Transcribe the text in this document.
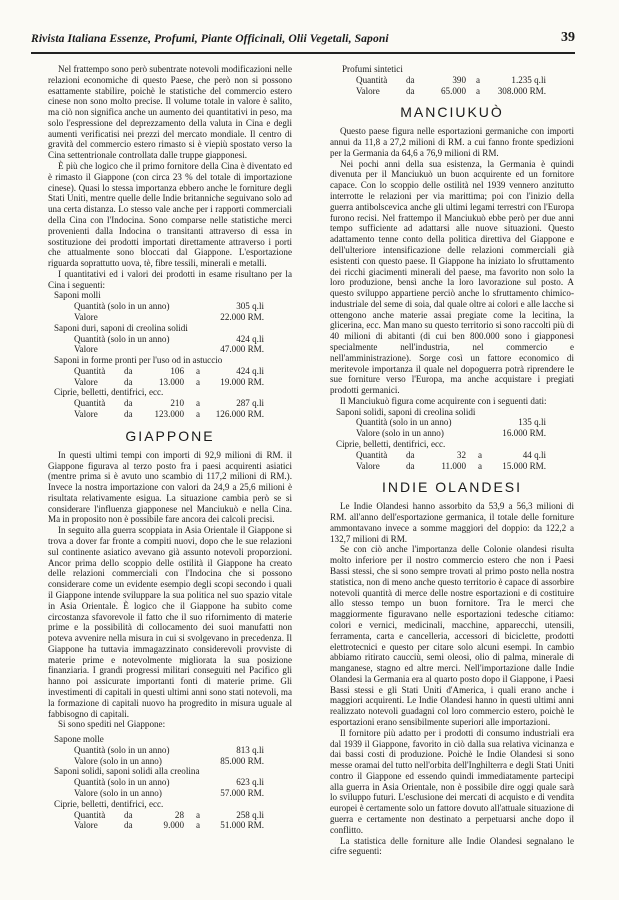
Rivista Italiana Essenze, Profumi, Piante Officinali, Olii Vegetali, Saponi	39

Nel frattempo sono però subentrate notevoli modificazioni nelle relazioni economiche di questo Paese, che però non si possono esattamente stabilire, poichè le statistiche del commercio estero cinese non sono molto precise. Il volume totale in valore è salito, ma ciò non significa anche un aumento dei quantitativi in peso, ma solo l'espressione del deprezzamento della valuta in Cina e degli aumenti verificatisi nei prezzi del mercato mondiale. Il centro di gravità del commercio estero rimasto si è viepiù spostato verso la Cina settentrionale controllata dalle truppe giapponesi.

È più che logico che il primo fornitore della Cina è diventato ed è rimasto il Giappone (con circa 23 % del totale di importazione cinese). Quasi lo stessa importanza ebbero anche le forniture degli Stati Uniti, mentre quelle delle Indie britanniche seguivano solo ad una certa distanza. Lo stesso vale anche per i rapporti commerciali della Cina con l'Indocina. Sono comparse nelle statistiche merci provenienti dalla Indocina o transitanti attraverso di essa in sostituzione dei prodotti importati direttamente attraverso i porti che attualmente sono bloccati dal Giappone. L'esportazione riguarda soprattutto uova, tè, fibre tessili, minerali e metalli.

I quantitativi ed i valori dei prodotti in esame risultano per la Cina i seguenti:

Saponi molli
Quantità (solo in un anno)	305 q.li
Valore	22.000 RM.
Saponi duri, saponi di creolina solidi
Quantità (solo in un anno)	424 q.li
Valore	47.000 RM.
Saponi in forme pronti per l'uso od in astuccio
Quantità	da	106	a	424 q.li
Valore	da	13.000	a	19.000 RM.
Ciprie, belletti, dentifrici, ecc.
Quantità	da	210	a	287 q.li
Valore	da	123.000	a	126.000 RM.
GIAPPONE

In questi ultimi tempi con importi di 92,9 milioni di RM. il Giappone figurava al terzo posto fra i paesi acquirenti asiatici (mentre prima si è avuto uno scambio di 117,2 milioni di RM.). Invece la nostra importazione con valori da 24,9 a 25,6 milioni è risultata relativamente esigua. La situazione cambia però se si considerare l'influenza giapponese nel Manciukuò e nella Cina. Ma in proposito non è possibile fare ancora dei calcoli precisi.

In seguito alla guerra scoppiata in Asia Orientale il Giappone si trova a dover far fronte a compiti nuovi, dopo che le sue relazioni sul continente asiatico avevano già assunto notevoli proporzioni. Ancor prima dello scoppio delle ostilità il Giappone ha creato delle relazioni commerciali con l'Indocina che si possono considerare come un evidente esempio degli scopi secondo i quali il Giappone intende sviluppare la sua politica nel suo spazio vitale in Asia Orientale. È logico che il Giappone ha subìto come circostanza sfavorevole il fatto che il suo rifornimento di materie prime e la possibilità di collocamento dei suoi manufatti non poteva avvenire nella misura in cui si svolgevano in precedenza. Il Giappone ha tuttavia immagazzinato considerevoli provviste di materie prime e notevolmente migliorata la sua posizione finanziaria. I grandi progressi militari conseguiti nel Pacifico gli hanno poi assicurate importanti fonti di materie prime. Gli investimenti di capitali in questi ultimi anni sono stati notevoli, ma la formazione di capitali nuovo ha progredito in misura uguale al fabbisogno di capitali.

Si sono spediti nel Giappone:

Sapone molle
Quantità (solo in un anno)	813 q.li
Valore (solo in un anno)	85.000 RM.
Saponi solidi, saponi solidi alla creolina
Quantità (solo in un anno)	623 q.li
Valore (solo in un anno)	57.000 RM.
Ciprie, belletti, dentifrici, ecc.
Quantità	da	28	a	258 q.li
Valore	da	9.000	a	51.000 RM.
Profumi sintetici
Quantità	da	390	a	1.235 q.li
Valore	da	65.000	a	308.000 RM.
MANCIUKUÒ

Questo paese figura nelle esportazioni germaniche con importi annui da 11,8 a 27,2 milioni di RM. a cui fanno fronte spedizioni per la Germania da 64,6 a 76,9 milioni di RM.

Nei pochi anni della sua esistenza, la Germania è quindi divenuta per il Manciukuò un buon acquirente ed un fornitore capace. Con lo scoppio delle ostilità nel 1939 vennero anzitutto interrotte le relazioni per via marittima; poi con l'inizio della guerra antibolscevica anche gli ultimi legami terrestri con l'Europa furono recisi. Nel frattempo il Manciukuò ebbe però per due anni tempo sufficiente ad adattarsi alle nuove situazioni. Questo adattamento tenne conto della politica direttiva del Giappone e dell'ulteriore intensificazione delle relazioni commerciali già esistenti con questo paese. Il Giappone ha iniziato lo sfruttamento dei ricchi giacimenti minerali del paese, ma favorito non solo la loro produzione, bensì anche la loro lavorazione sul posto. A questo sviluppo appartiene perciò anche lo sfruttamento chimico-industriale del seme di soia, dal quale oltre ai colori e alle lacche si ottengono anche materie assai pregiate come la lecitina, la glicerina, ecc. Man mano su questo territorio si sono raccolti più di 40 milioni di abitanti (di cui ben 800.000 sono i giapponesi specialmente nell'industria, nel commercio e nell'amministrazione). Sorge così un fattore economico di meritevole importanza il quale nel dopoguerra potrà riprendere le sue forniture verso l'Europa, ma anche acquistare i pregiati prodotti germanici.

Il Manciukuò figura come acquirente con i seguenti dati:

Saponi solidi, saponi di creolina solidi
Quantità (solo in un anno)	135 q.li
Valore (solo in un anno)	16.000 RM.
Ciprie, belletti, dentifrici, ecc.
Quantità	da	32	a	44 q.li
Valore	da	11.000	a	15.000 RM.
INDIE OLANDESI

Le Indie Olandesi hanno assorbito da 53,9 a 56,3 milioni di RM. all'anno dell'esportazione germanica, il totale delle forniture ammontavano invece a somme maggiori del doppio: da 122,2 a 132,7 milioni di RM.

Se con ciò anche l'importanza delle Colonie olandesi risulta molto inferiore per il nostro commercio estero che non i Paesi Bassi stessi, che si sono sempre trovati al primo posto nella nostra statistica, non di meno anche questo territorio è capace di assorbire notevoli quantità di merce delle nostre esportazioni e di costituire allo stesso tempo un buon fornitore. Tra le merci che maggiormente figuravano nelle esportazioni tedesche citiamo: colori e vernici, medicinali, macchine, apparecchi, utensili, ferramenta, carta e cancelleria, accessori di biciclette, prodotti elettrotecnici e questo per citare solo alcuni esempi. In cambio abbiamo ritirato caucciù, semi oleosi, olio di palma, minerale di manganese, stagno ed altre merci. Nell'importazione dalle Indie Olandesi la Germania era al quarto posto dopo il Giappone, i Paesi Bassi stessi e gli Stati Uniti d'America, i quali erano anche i maggiori acquirenti. Le Indie Olandesi hanno in questi ultimi anni realizzato notevoli guadagni col loro commercio estero, poichè le esportazioni erano sensibilmente superiori alle importazioni.

Il fornitore più adatto per i prodotti di consumo industriali era dal 1939 il Giappone, favorito in ciò dalla sua relativa vicinanza e dai bassi costi di produzione. Poichè le Indie Olandesi si sono messe oramai del tutto nell'orbita dell'Inghilterra e degli Stati Uniti contro il Giappone ed essendo quindi immediatamente partecipi alla guerra in Asia Orientale, non è possibile dire oggi quale sarà lo sviluppo futuri. L'esclusione dei mercati di acquisto e di vendita europei è certamente solo un fattore dovuto all'attuale situazione di guerra e certamente non destinato a perpetuarsi anche dopo il conflitto.

La statistica delle forniture alle Indie Olandesi segnalano le cifre seguenti:
